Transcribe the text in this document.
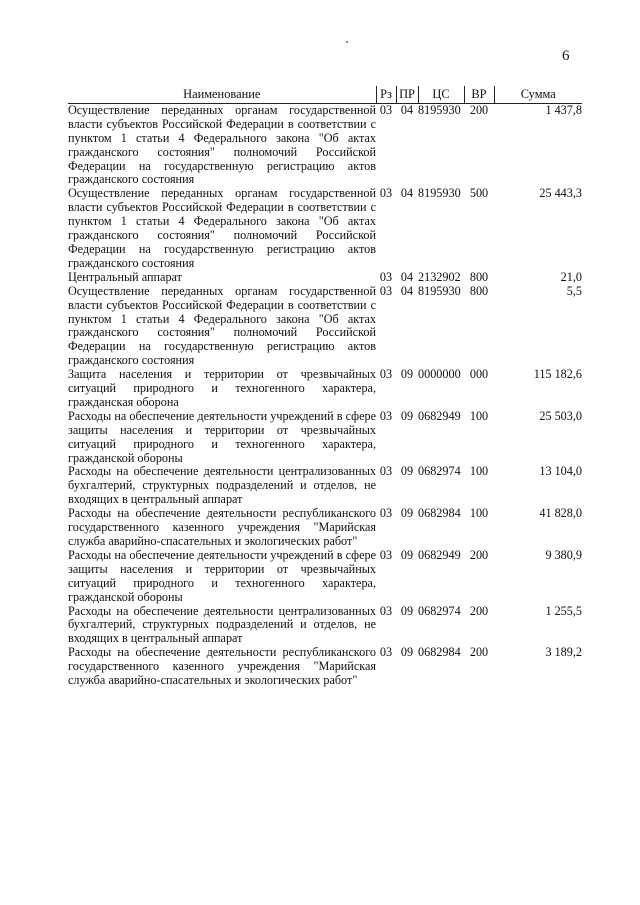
6
Наименование	Рз	ПР	ЦС	ВР	Сумма
Осуществление переданных органам государственной власти субъектов Российской Федерации в соответствии с пунктом 1 статьи 4 Федерального закона "Об актах гражданского состояния" полномочий Российской Федерации на государственную регистрацию актов гражданского состояния	03	04	8195930	200	1 437,8
Осуществление переданных органам государственной власти субъектов Российской Федерации в соответствии с пунктом 1 статьи 4 Федерального закона "Об актах гражданского состояния" полномочий Российской Федерации на государственную регистрацию актов гражданского состояния	03	04	8195930	500	25 443,3
Центральный аппарат	03	04	2132902	800	21,0
Осуществление переданных органам государственной власти субъектов Российской Федерации в соответствии с пунктом 1 статьи 4 Федерального закона "Об актах гражданского состояния" полномочий Российской Федерации на государственную регистрацию актов гражданского состояния	03	04	8195930	800	5,5
Защита населения и территории от чрезвычайных ситуаций природного и техногенного характера, гражданская оборона	03	09	0000000	000	115 182,6
Расходы на обеспечение деятельности учреждений в сфере защиты населения и территории от чрезвычайных ситуаций природного и техногенного характера, гражданской обороны	03	09	0682949	100	25 503,0
Расходы на обеспечение деятельности централизованных бухгалтерий, структурных подразделений и отделов, не входящих в центральный аппарат	03	09	0682974	100	13 104,0
Расходы на обеспечение деятельности республиканского государственного казенного учреждения "Марийская служба аварийно-спасательных и экологических работ"	03	09	0682984	100	41 828,0
Расходы на обеспечение деятельности учреждений в сфере защиты населения и территории от чрезвычайных ситуаций природного и техногенного характера, гражданской обороны	03	09	0682949	200	9 380,9
Расходы на обеспечение деятельности централизованных бухгалтерий, структурных подразделений и отделов, не входящих в центральный аппарат	03	09	0682974	200	1 255,5
Расходы на обеспечение деятельности республиканского государственного казенного учреждения "Марийская служба аварийно-спасательных и экологических работ"	03	09	0682984	200	3 189,2
